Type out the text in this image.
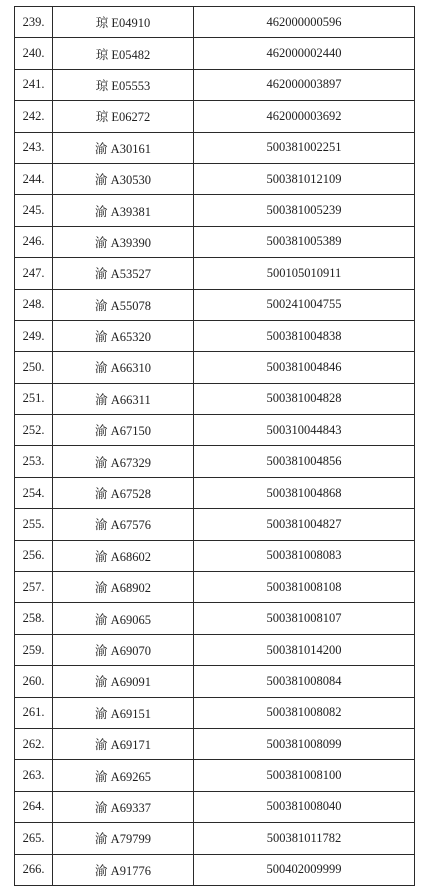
239.	琼 E04910	462000000596
240.	琼 E05482	462000002440
241.	琼 E05553	462000003897
242.	琼 E06272	462000003692
243.	渝 A30161	500381002251
244.	渝 A30530	500381012109
245.	渝 A39381	500381005239
246.	渝 A39390	500381005389
247.	渝 A53527	500105010911
248.	渝 A55078	500241004755
249.	渝 A65320	500381004838
250.	渝 A66310	500381004846
251.	渝 A66311	500381004828
252.	渝 A67150	500310044843
253.	渝 A67329	500381004856
254.	渝 A67528	500381004868
255.	渝 A67576	500381004827
256.	渝 A68602	500381008083
257.	渝 A68902	500381008108
258.	渝 A69065	500381008107
259.	渝 A69070	500381014200
260.	渝 A69091	500381008084
261.	渝 A69151	500381008082
262.	渝 A69171	500381008099
263.	渝 A69265	500381008100
264.	渝 A69337	500381008040
265.	渝 A79799	500381011782
266.	渝 A91776	500402009999
